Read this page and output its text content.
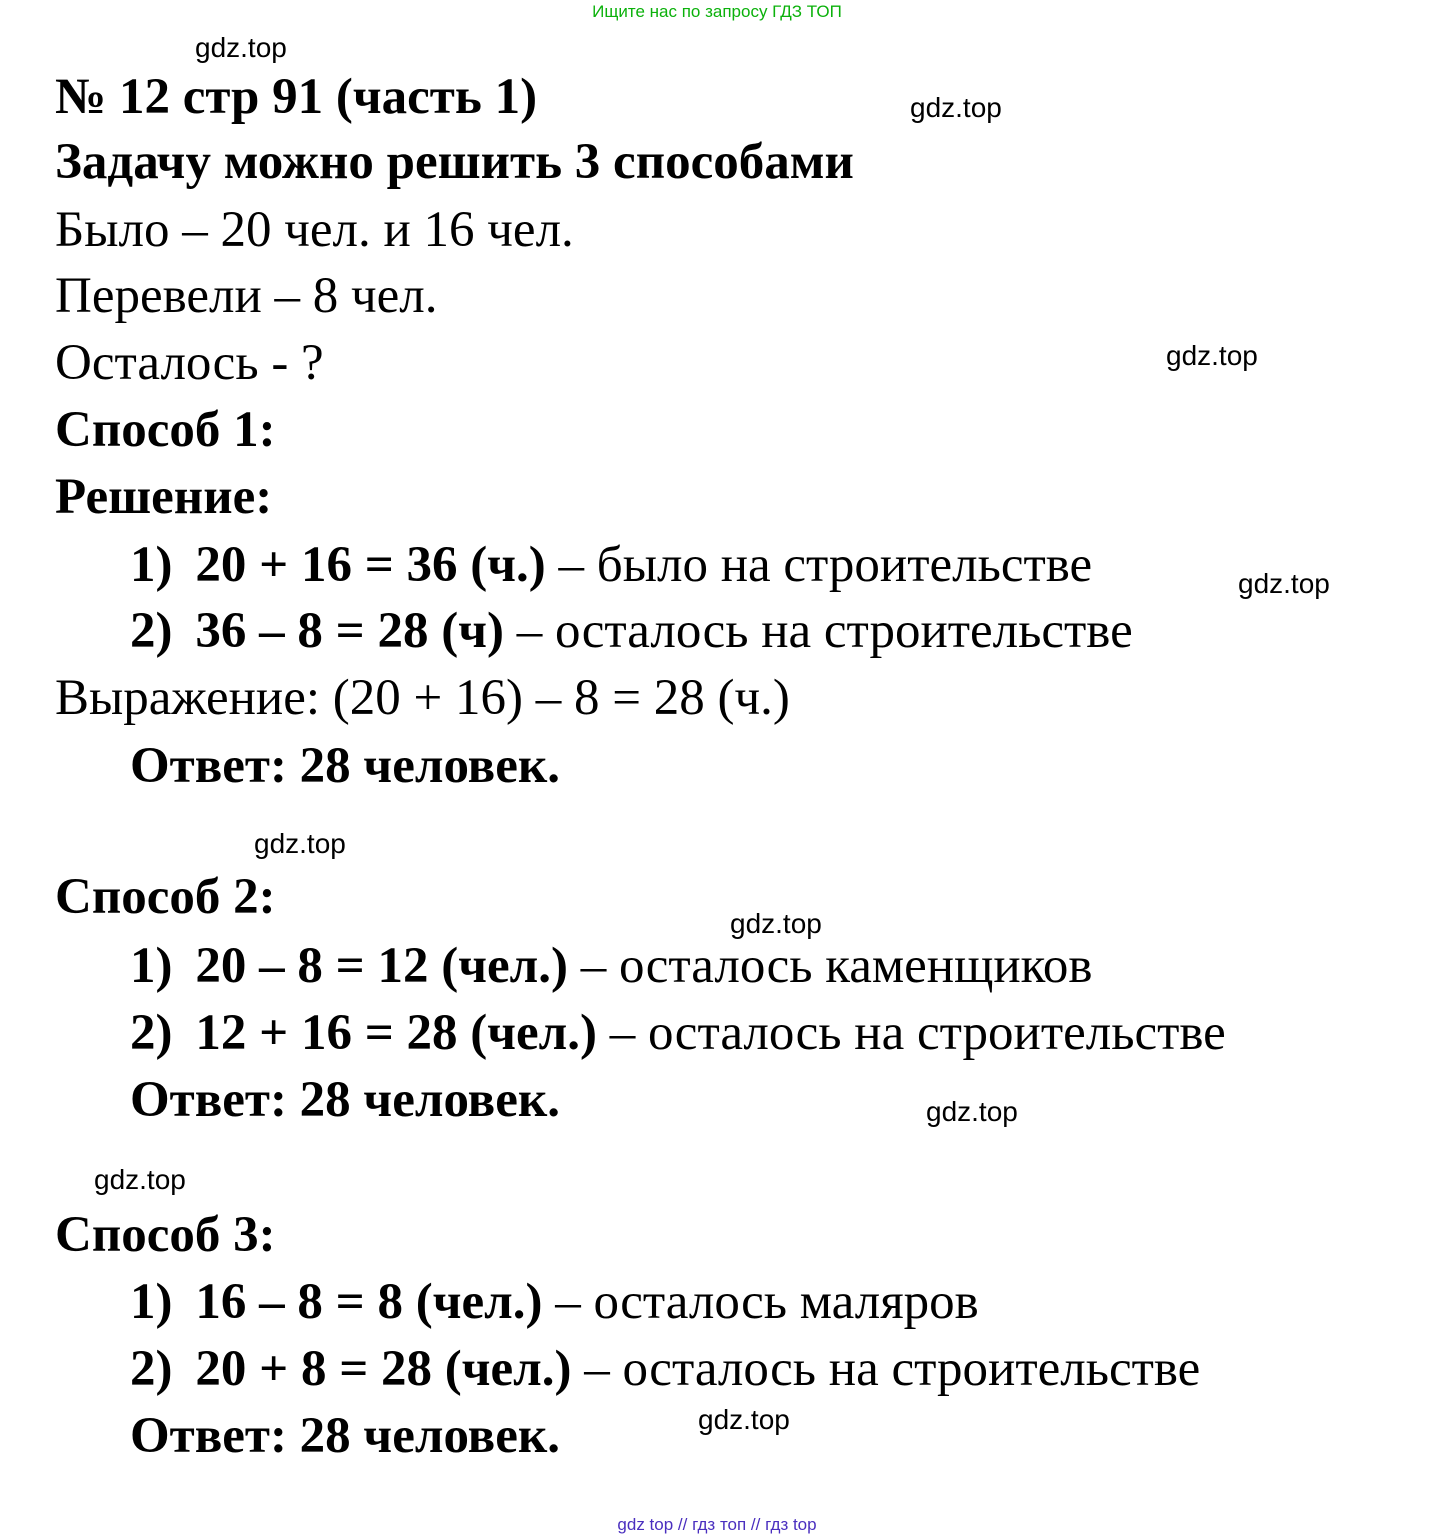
Ищите нас по запросу ГДЗ ТОП
gdz.top
gdz.top
gdz.top
gdz.top
gdz.top
gdz.top
gdz.top
gdz.top
gdz.top
№ 12 стр 91 (часть 1)
Задачу можно решить 3 способами
Было – 20 чел. и 16 чел.
Перевели – 8 чел.
Осталось - ?
Способ 1:
Решение:
1) 20 + 16 = 36 (ч.) – было на строительстве
2) 36 – 8 = 28 (ч) – осталось на строительстве
Выражение: (20 + 16) – 8 = 28 (ч.)
Ответ: 28 человек.
Способ 2:
1) 20 – 8 = 12 (чел.) – осталось каменщиков
2) 12 + 16 = 28 (чел.) – осталось на строительстве
Ответ: 28 человек.
Способ 3:
1) 16 – 8 = 8 (чел.) – осталось маляров
2) 20 + 8 = 28 (чел.) – осталось на строительстве
Ответ: 28 человек.
gdz top // гдз топ // гдз top
